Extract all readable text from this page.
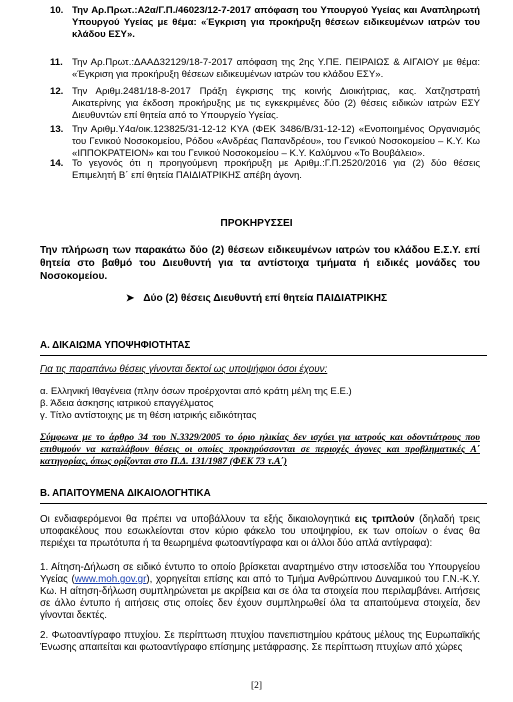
10. Την Αρ.Πρωτ.:Α2α/Γ.Π./46023/12-7-2017 απόφαση του Υπουργού Υγείας και Αναπληρωτή Υπουργού Υγείας με θέμα: «Έγκριση για προκήρυξη θέσεων ειδικευμένων ιατρών του κλάδου ΕΣΥ».
11. Την Αρ.Πρωτ.:ΔΑΑΔ32129/18-7-2017 απόφαση της 2ης Υ.ΠΕ. ΠΕΙΡΑΙΩΣ & ΑΙΓΑΙΟΥ με θέμα: «Έγκριση για προκήρυξη θέσεων ειδικευμένων ιατρών του κλάδου ΕΣΥ».
12. Την Αριθμ.2481/18-8-2017 Πράξη έγκρισης της κοινής Διοικήτριας, κας. Χατζηστρατή Αικατερίνης για έκδοση προκήρυξης με τις εγκεκριμένες δύο (2) θέσεις ειδικών ιατρών ΕΣΥ Διευθυντών επί θητεία από το Υπουργείο Υγείας.
13. Την Αριθμ.Υ4α/οικ.123825/31-12-12 ΚΥΑ (ΦΕΚ 3486/Β/31-12-12) «Ενοποιημένος Οργανισμός του Γενικού Νοσοκομείου, Ρόδου «Ανδρέας Παπανδρέου», του Γενικού Νοσοκομείου – Κ.Υ. Κω «ΙΠΠΟΚΡΑΤΕΙΟΝ» και του Γενικού Νοσοκομείου – Κ.Υ. Καλύμνου «Το Βουβάλειο».
14. Το γεγονός ότι η προηγούμενη προκήρυξη με Αριθμ.:Γ.Π.2520/2016 για (2) δύο θέσεις Επιμελητή Β΄ επί θητεία ΠΑΙΔΙΑΤΡΙΚΗΣ απέβη άγονη.
ΠΡΟΚΗΡΥΣΣΕΙ
Την πλήρωση των παρακάτω δύο (2) θέσεων ειδικευμένων ιατρών του κλάδου Ε.Σ.Υ. επί θητεία στο βαθμό του Διευθυντή για τα αντίστοιχα τμήματα ή ειδικές μονάδες του Νοσοκομείου.
➤ Δύο (2) θέσεις Διευθυντή επί θητεία ΠΑΙΔΙΑΤΡΙΚΗΣ
Α. ΔΙΚΑΙΩΜΑ ΥΠΟΨΗΦΙΟΤΗΤΑΣ
Για τις παραπάνω θέσεις γίνονται δεκτοί ως υποψήφιοι όσοι έχουν:
α. Ελληνική Ιθαγένεια (πλην όσων προέρχονται από κράτη μέλη της Ε.Ε.)
β. Άδεια άσκησης ιατρικού επαγγέλματος
γ. Τίτλο αντίστοιχης με τη θέση ιατρικής ειδικότητας
Σύμφωνα με το άρθρο 34 του Ν.3329/2005 το όριο ηλικίας δεν ισχύει για ιατρούς και οδοντιάτρους που επιθυμούν να καταλάβουν θέσεις οι οποίες προκηρύσσονται σε περιοχές άγονες και προβληματικές Α΄ κατηγορίας, όπως ορίζονται στο Π.Δ. 131/1987 (ΦΕΚ 73 τ.Α΄)
Β. ΑΠΑΙΤΟΥΜΕΝΑ ΔΙΚΑΙΟΛΟΓΗΤΙΚΑ
Οι ενδιαφερόμενοι θα πρέπει να υποβάλλουν τα εξής δικαιολογητικά εις τριπλούν (δηλαδή τρεις υποφακέλους που εσωκλείονται στον κύριο φάκελο του υποψηφίου, εκ των οποίων ο ένας θα περιέχει τα πρωτότυπα ή τα θεωρημένα φωτοαντίγραφα και οι άλλοι δύο απλά αντίγραφα):
1. Αίτηση-Δήλωση σε ειδικό έντυπο το οποίο βρίσκεται αναρτημένο στην ιστοσελίδα του Υπουργείου Υγείας (www.moh.gov.gr), χορηγείται επίσης και από το Τμήμα Ανθρώπινου Δυναμικού του Γ.Ν.-Κ.Υ. Κω. Η αίτηση-δήλωση συμπληρώνεται με ακρίβεια και σε όλα τα στοιχεία που περιλαμβάνει. Αιτήσεις σε άλλο έντυπο ή αιτήσεις στις οποίες δεν έχουν συμπληρωθεί όλα τα απαιτούμενα στοιχεία, δεν γίνονται δεκτές.
2. Φωτοαντίγραφο πτυχίου. Σε περίπτωση πτυχίου πανεπιστημίου κράτους μέλους της Ευρωπαϊκής Ένωσης απαιτείται και φωτοαντίγραφο επίσημης μετάφρασης. Σε περίπτωση πτυχίων από χώρες
[2]
